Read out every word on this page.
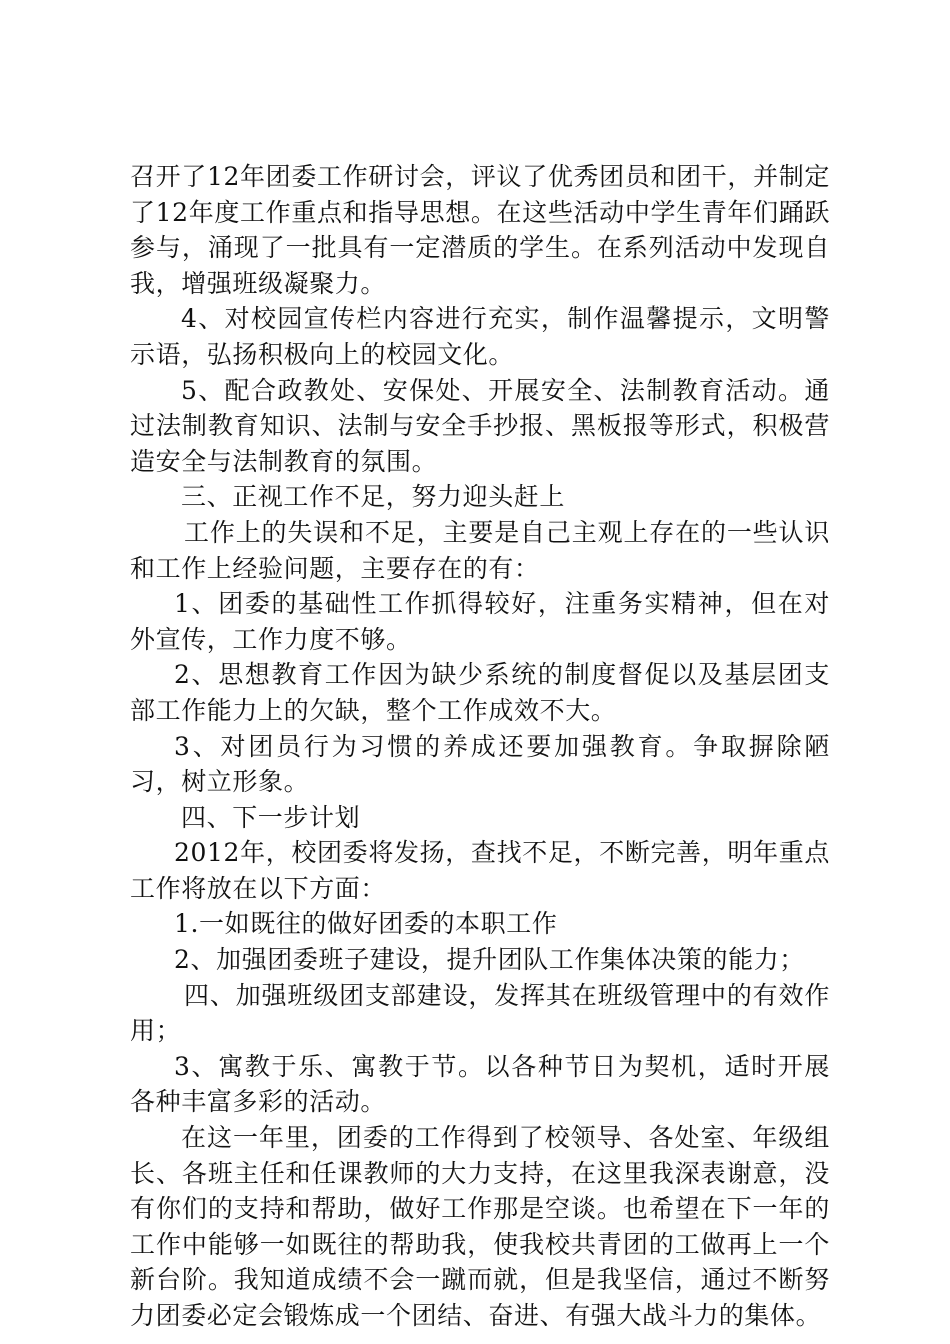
召开了12年团委工作研讨会，评议了优秀团员和团干，并制定了12年度工作重点和指导思想。在这些活动中学生青年们踊跃参与，涌现了一批具有一定潜质的学生。在系列活动中发现自我，增强班级凝聚力。

4、对校园宣传栏内容进行充实，制作温馨提示，文明警示语，弘扬积极向上的校园文化。

5、配合政教处、安保处、开展安全、法制教育活动。通过法制教育知识、法制与安全手抄报、黑板报等形式，积极营造安全与法制教育的氛围。

三、正视工作不足，努力迎头赶上

工作上的失误和不足，主要是自己主观上存在的一些认识和工作上经验问题，主要存在的有：

1、团委的基础性工作抓得较好，注重务实精神，但在对外宣传，工作力度不够。

2、思想教育工作因为缺少系统的制度督促以及基层团支部工作能力上的欠缺，整个工作成效不大。

3、对团员行为习惯的养成还要加强教育。争取摒除陋习，树立形象。

四、下一步计划

2012年，校团委将发扬，查找不足，不断完善，明年重点工作将放在以下方面：

1.一如既往的做好团委的本职工作

2、加强团委班子建设，提升团队工作集体决策的能力；

四、加强班级团支部建设，发挥其在班级管理中的有效作用；

3、寓教于乐、寓教于节。以各种节日为契机，适时开展各种丰富多彩的活动。

在这一年里，团委的工作得到了校领导、各处室、年级组长、各班主任和任课教师的大力支持，在这里我深表谢意，没有你们的支持和帮助，做好工作那是空谈。也希望在下一年的工作中能够一如既往的帮助我，使我校共青团的工做再上一个新台阶。我知道成绩不会一蹴而就，但是我坚信，通过不断努力团委必定会锻炼成一个团结、奋进、有强大战斗力的集体。
